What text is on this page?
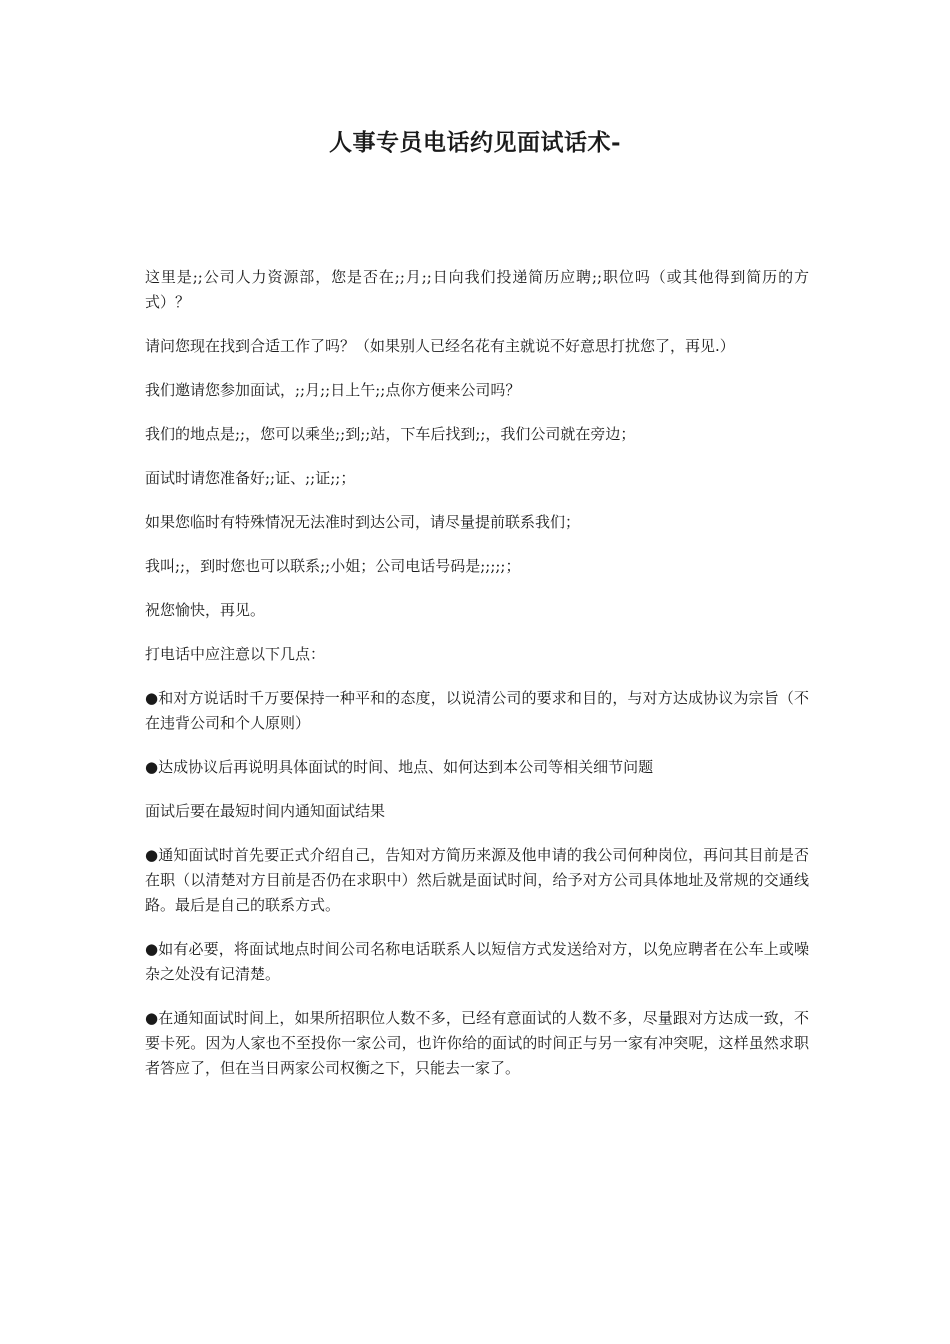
人事专员电话约见面试话术-

这里是;;公司人力资源部，您是否在;;月;;日向我们投递简历应聘;;职位吗（或其他得到简历的方式）？

请问您现在找到合适工作了吗？（如果别人已经名花有主就说不好意思打扰您了，再见.）

我们邀请您参加面试，;;月;;日上午;;点你方便来公司吗？

我们的地点是;;，您可以乘坐;;到;;站，下车后找到;;，我们公司就在旁边；

面试时请您准备好;;证、;;证;;；

如果您临时有特殊情况无法准时到达公司，请尽量提前联系我们；

我叫;;，到时您也可以联系;;小姐；公司电话号码是;;;;;；

祝您愉快，再见。

打电话中应注意以下几点：

●和对方说话时千万要保持一种平和的态度，以说清公司的要求和目的，与对方达成协议为宗旨（不在违背公司和个人原则）

●达成协议后再说明具体面试的时间、地点、如何达到本公司等相关细节问题

面试后要在最短时间内通知面试结果

●通知面试时首先要正式介绍自己，告知对方简历来源及他申请的我公司何种岗位，再问其目前是否在职（以清楚对方目前是否仍在求职中）然后就是面试时间，给予对方公司具体地址及常规的交通线路。最后是自己的联系方式。

●如有必要，将面试地点时间公司名称电话联系人以短信方式发送给对方，以免应聘者在公车上或噪杂之处没有记清楚。

●在通知面试时间上，如果所招职位人数不多，已经有意面试的人数不多，尽量跟对方达成一致，不要卡死。因为人家也不至投你一家公司，也许你给的面试的时间正与另一家有冲突呢，这样虽然求职者答应了，但在当日两家公司权衡之下，只能去一家了。
